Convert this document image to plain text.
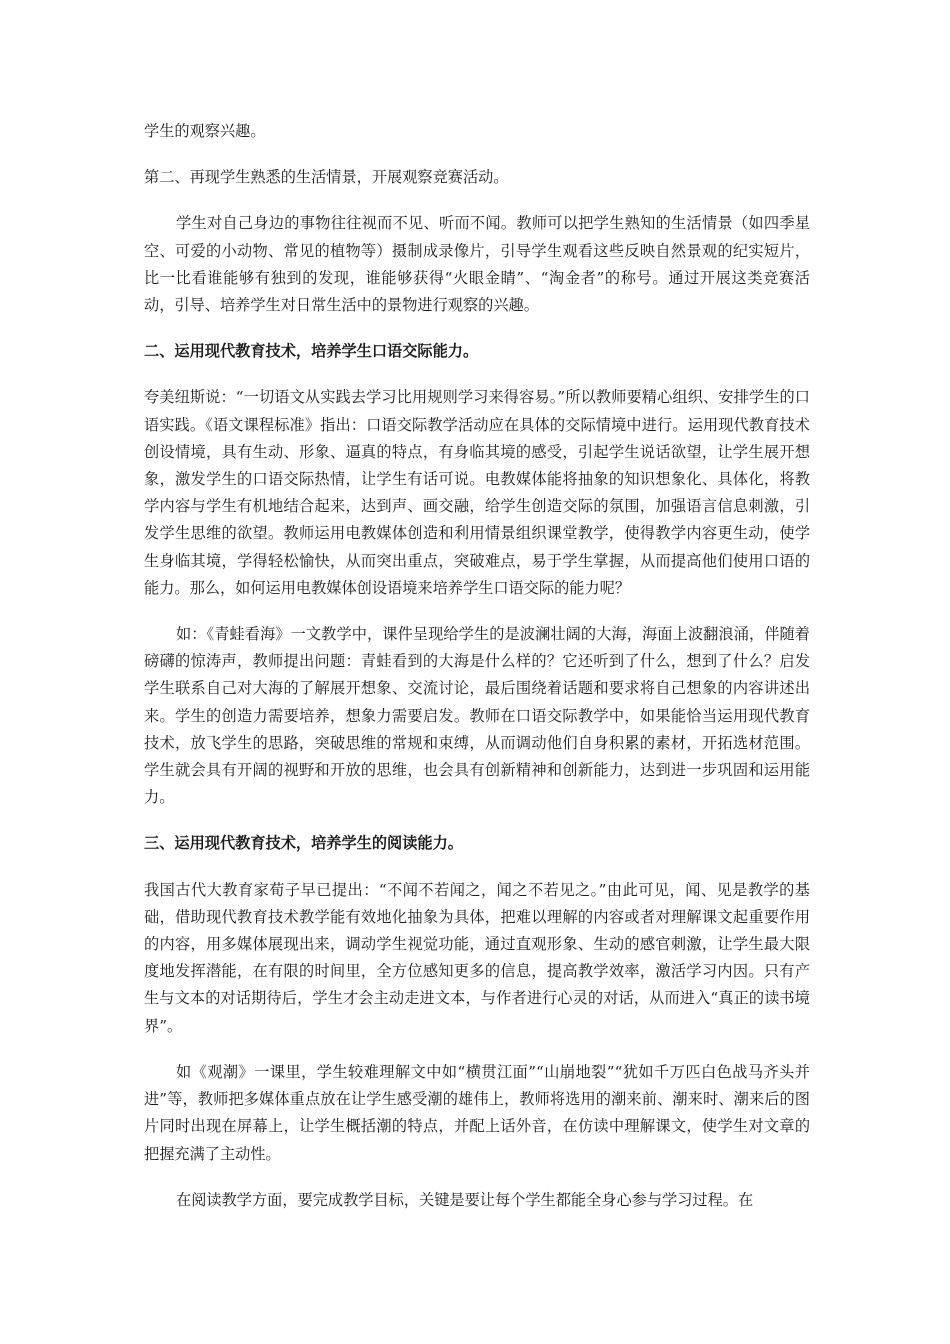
学生的观察兴趣。

第二、再现学生熟悉的生活情景，开展观察竞赛活动。

学生对自己身边的事物往往视而不见、听而不闻。教师可以把学生熟知的生活情景（如四季星空、可爱的小动物、常见的植物等）摄制成录像片，引导学生观看这些反映自然景观的纪实短片，比一比看谁能够有独到的发现，谁能够获得“火眼金睛”、“淘金者”的称号。通过开展这类竞赛活动，引导、培养学生对日常生活中的景物进行观察的兴趣。

二、运用现代教育技术，培养学生口语交际能力。

夸美纽斯说：“一切语文从实践去学习比用规则学习来得容易。”所以教师要精心组织、安排学生的口语实践。《语文课程标准》指出：口语交际教学活动应在具体的交际情境中进行。运用现代教育技术创设情境，具有生动、形象、逼真的特点，有身临其境的感受，引起学生说话欲望，让学生展开想象，激发学生的口语交际热情，让学生有话可说。电教媒体能将抽象的知识想象化、具体化，将教学内容与学生有机地结合起来，达到声、画交融，给学生创造交际的氛围，加强语言信息刺激，引发学生思维的欲望。教师运用电教媒体创造和利用情景组织课堂教学，使得教学内容更生动，使学生身临其境，学得轻松愉快，从而突出重点，突破难点，易于学生掌握，从而提高他们使用口语的能力。那么，如何运用电教媒体创设语境来培养学生口语交际的能力呢？

如：《青蛙看海》一文教学中，课件呈现给学生的是波澜壮阔的大海，海面上波翻浪涌，伴随着磅礴的惊涛声，教师提出问题：青蛙看到的大海是什么样的？它还听到了什么，想到了什么？启发学生联系自己对大海的了解展开想象、交流讨论，最后围绕着话题和要求将自己想象的内容讲述出来。学生的创造力需要培养，想象力需要启发。教师在口语交际教学中，如果能恰当运用现代教育技术，放飞学生的思路，突破思维的常规和束缚，从而调动他们自身积累的素材，开拓选材范围。学生就会具有开阔的视野和开放的思维，也会具有创新精神和创新能力，达到进一步巩固和运用能力。

三、运用现代教育技术，培养学生的阅读能力。

我国古代大教育家荀子早已提出：“不闻不若闻之，闻之不若见之。”由此可见，闻、见是教学的基础，借助现代教育技术教学能有效地化抽象为具体，把难以理解的内容或者对理解课文起重要作用的内容，用多媒体展现出来，调动学生视觉功能，通过直观形象、生动的感官刺激，让学生最大限度地发挥潜能，在有限的时间里，全方位感知更多的信息，提高教学效率，激活学习内因。只有产生与文本的对话期待后，学生才会主动走进文本，与作者进行心灵的对话，从而进入“真正的读书境界”。

如《观潮》一课里，学生较难理解文中如“横贯江面”“山崩地裂”“犹如千万匹白色战马齐头并进”等，教师把多媒体重点放在让学生感受潮的雄伟上，教师将选用的潮来前、潮来时、潮来后的图片同时出现在屏幕上，让学生概括潮的特点，并配上话外音，在仿读中理解课文，使学生对文章的把握充满了主动性。

在阅读教学方面，要完成教学目标，关键是要让每个学生都能全身心参与学习过程。在
